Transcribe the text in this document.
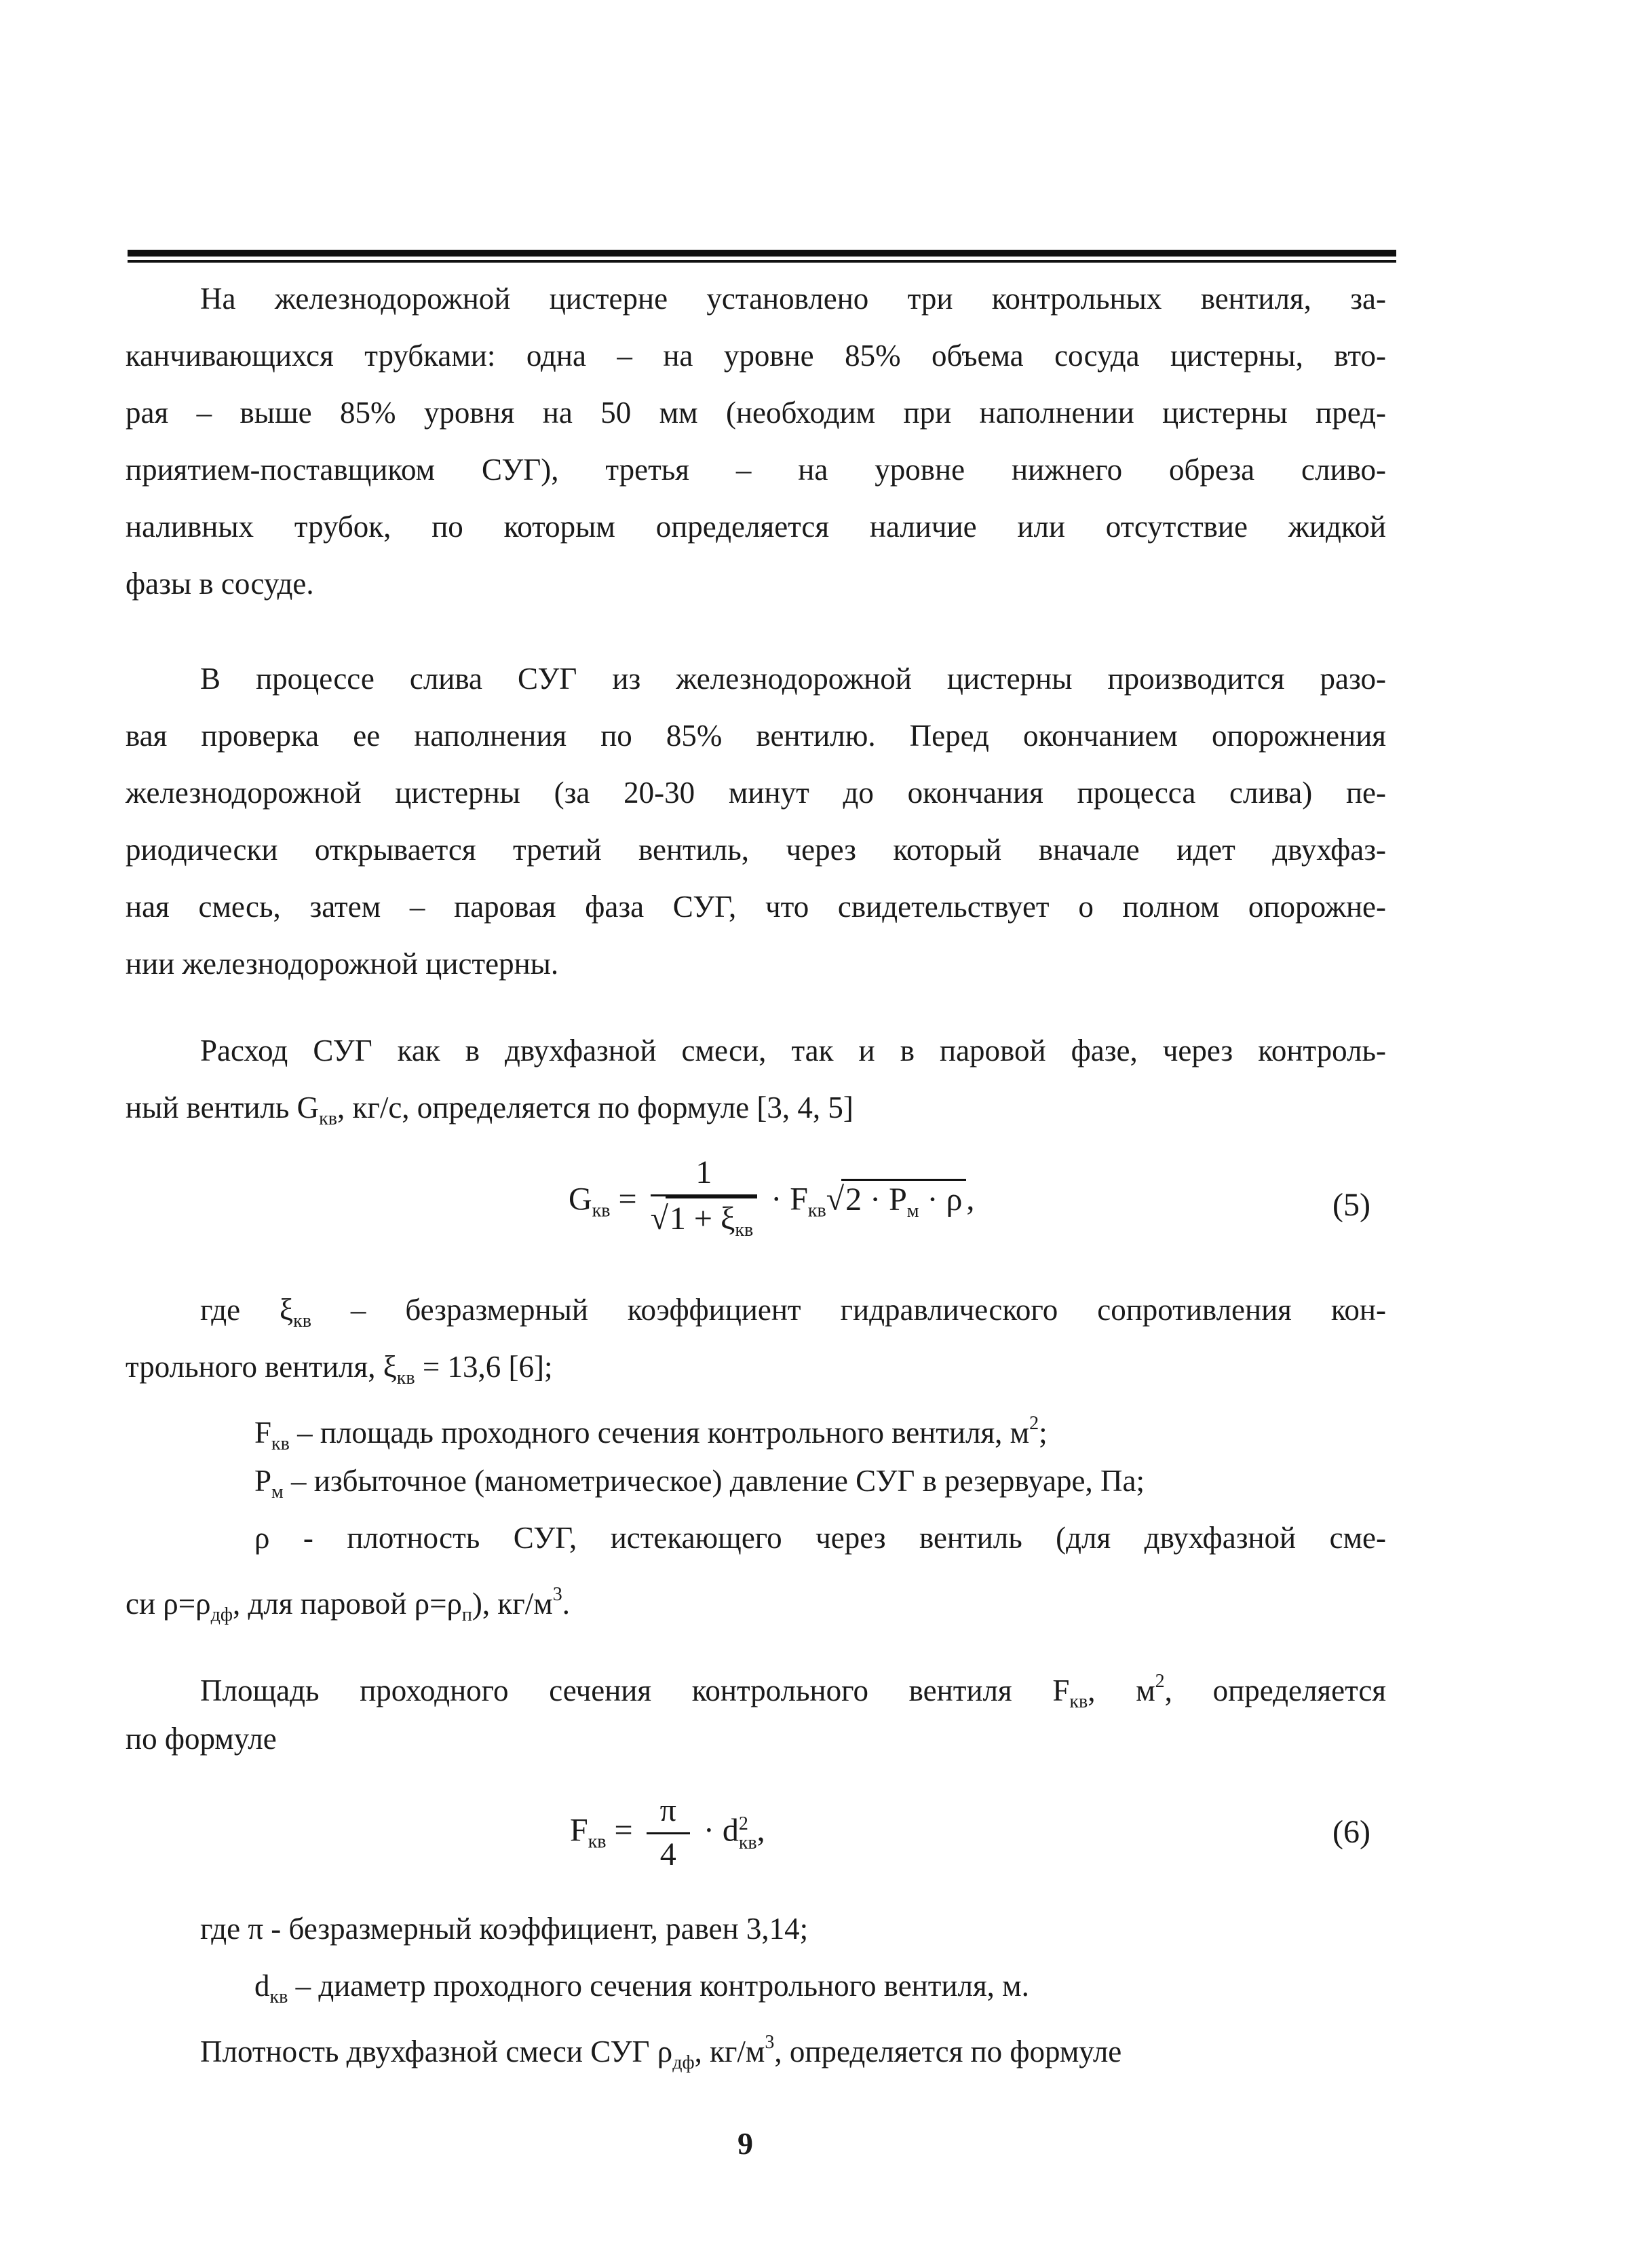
На железнодорожной цистерне установлено три контрольных вентиля, за-
канчивающихся трубками: одна – на уровне 85% объема сосуда цистерны, вто-
рая – выше 85% уровня на 50 мм (необходим при наполнении цистерны пред-
приятием-поставщиком СУГ), третья – на уровне нижнего обреза сливо-
наливных трубок, по которым определяется наличие или отсутствие жидкой
фазы в сосуде.
В процессе слива СУГ из железнодорожной цистерны производится разо-
вая проверка ее наполнения по 85% вентилю. Перед окончанием опорожнения
железнодорожной цистерны (за 20-30 минут до окончания процесса слива) пе-
риодически открывается третий вентиль, через который вначале идет двухфаз-
ная смесь, затем – паровая фаза СУГ, что свидетельствует о полном опорожне-
нии железнодорожной цистерны.
Расход СУГ как в двухфазной смеси, так и в паровой фазе, через контроль-
ный вентиль $G_{кв}$, кг/с, определяется по формуле [3, 4, 5]
$G_{кв} = \frac{1}{√1 + \xi_{кв}} \cdot F_{кв}√2 \cdot P_м \cdot \rho$ ,	(5)
где $\xi_{кв}$ – безразмерный коэффициент гидравлического сопротивления кон-
трольного вентиля, $\xi_{кв} = 13,6$ [6];
$F_{кв}$ – площадь проходного сечения контрольного вентиля, $м^2$;
$P_м$ – избыточное (манометрическое) давление СУГ в резервуаре, Па;
ρ - плотность СУГ, истекающего через вентиль (для двухфазной сме-
си $\rho=\rho_{дф}$, для паровой $\rho=\rho_п$), $кг/м^3$.
Площадь проходного сечения контрольного вентиля $F_{кв}$, $м^2$, определяется
по формуле
$F_{кв} = \frac{\pi}{4} \cdot d$ 2
кв ,	(6)
где π - безразмерный коэффициент, равен 3,14;
$d_{кв}$ – диаметр проходного сечения контрольного вентиля, м.
Плотность двухфазной смеси СУГ $\rho_{дф}$, $кг/м^3$, определяется по формуле
9
